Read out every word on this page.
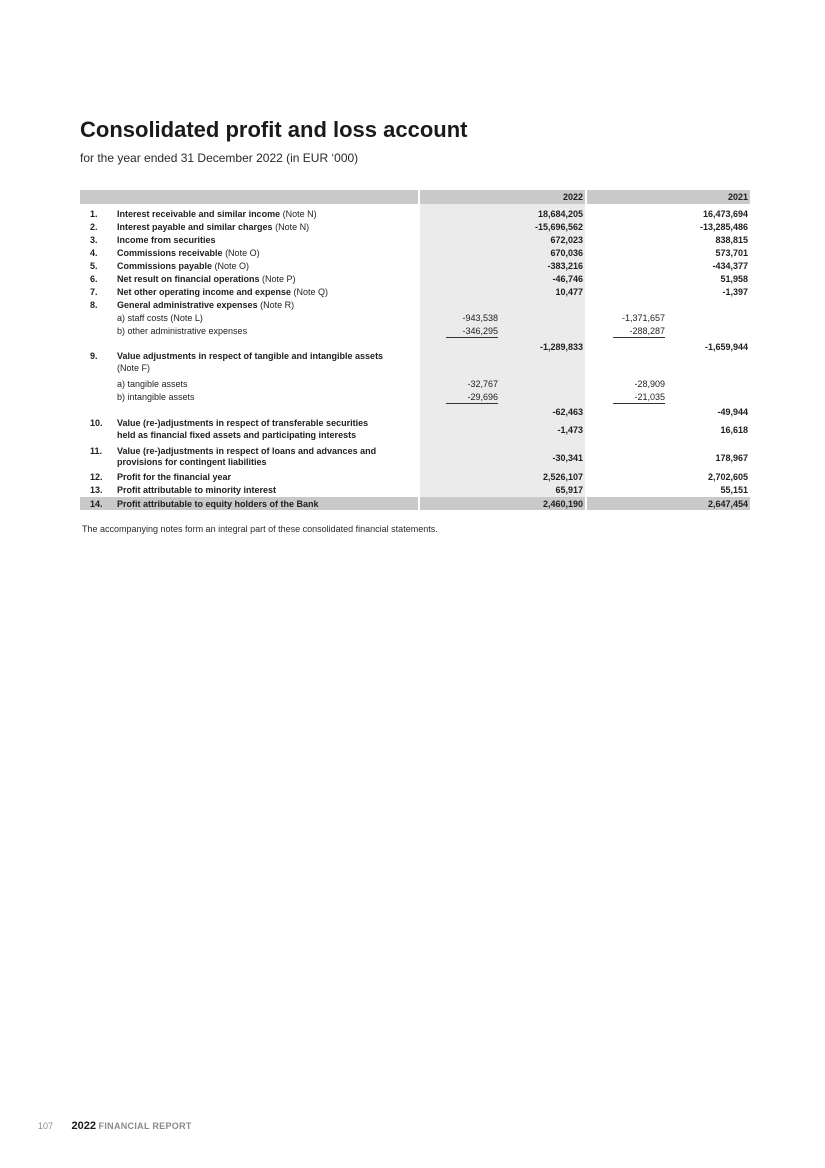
Consolidated profit and loss account
for the year ended 31 December 2022 (in EUR ‘000)
2022	2021
1.	Interest receivable and similar income (Note N)	18,684,205	16,473,694
2.	Interest payable and similar charges (Note N)	-15,696,562	-13,285,486
3.	Income from securities	672,023	838,815
4.	Commissions receivable (Note O)	670,036	573,701
5.	Commissions payable (Note O)	-383,216	-434,377
6.	Net result on financial operations (Note P)	-46,746	51,958
7.	Net other operating income and expense (Note Q)	10,477	-1,397
8.	General administrative expenses (Note R)
a) staff costs (Note L)	-943,538	-1,371,657
b) other administrative expenses	-346,295	-288,287
-1,289,833	-1,659,944
9.	Value adjustments in respect of tangible and intangible assets
(Note F)
a) tangible assets	-32,767	-28,909
b) intangible assets	-29,696	-21,035
-62,463	-49,944
10.	Value (re-)adjustments in respect of transferable securities
held as financial fixed assets and participating interests	-1,473	16,618
11.	Value (re-)adjustments in respect of loans and advances and
provisions for contingent liabilities	-30,341	178,967
12.	Profit for the financial year	2,526,107	2,702,605
13.	Profit attributable to minority interest	65,917	55,151
14.	Profit attributable to equity holders of the Bank	2,460,190	2,647,454
The accompanying notes form an integral part of these consolidated financial statements.
107 2022 FINANCIAL REPORT
